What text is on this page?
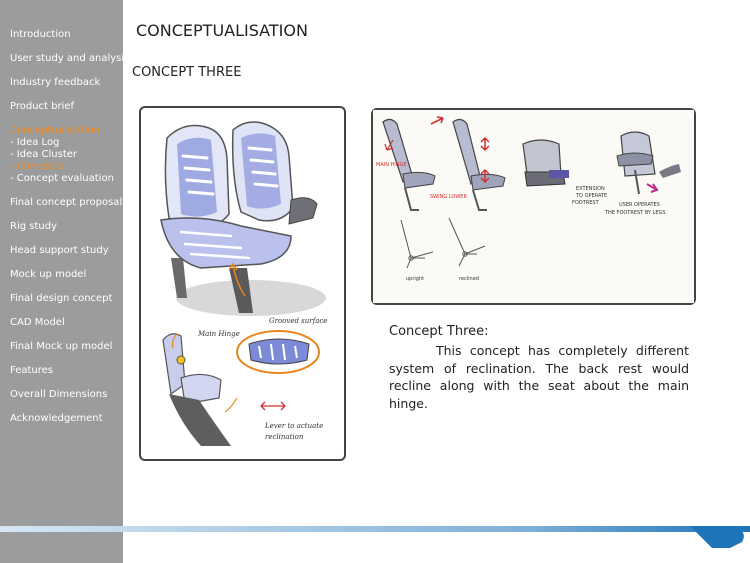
Introduction
User study and analysis
Industry feedback
Product brief
Conceptualisation
- Idea Log
- Idea Cluster
- Concepts
- Concept evaluation
Final concept proposal
Rig study
Head support study
Mock up model
Final design concept
CAD Model
Final Mock up model
Features
Overall Dimensions
Acknowledgement
CONCEPTUALISATION
CONCEPT THREE
Grooved surface
Main Hinge
Lever to actuate
reclination
MAIN HINGE
SWING LOWER
EXTENSION
TO OPERATE
FOOTREST	USER OPERATES
THE FOOTREST BY LEGS
upright	reclined
Concept Three:
This concept has completely different system of reclination. The back rest would recline along with the seat about the main hinge.
